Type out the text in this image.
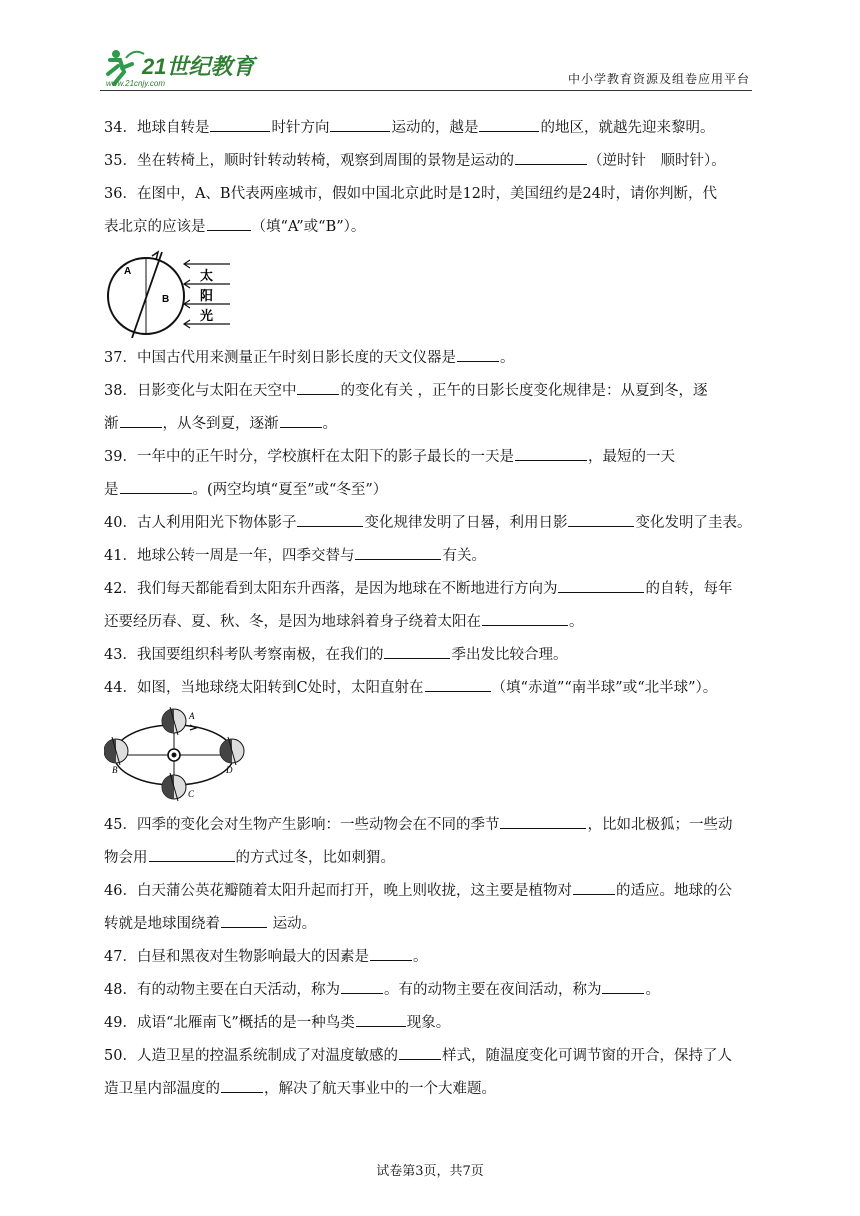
21世纪教育
www.21cnjy.com	中小学教育资源及组卷应用平台

34．地球自转是	时针方向	运动的，越是	的地区，就越先迎来黎明。

35．坐在转椅上，顺时针转动转椅，观察到周围的景物是运动的	（逆时针　顺时针）。

36．在图中，A、B代表两座城市，假如中国北京此时是12时，美国纽约是24时，请你判断，代
表北京的应该是	（填“A”或“B”）。

A
B
太
阳
光

37．中国古代用来测量正午时刻日影长度的天文仪器是	。

38．日影变化与太阳在天空中	的变化有关 ，正午的日影长度变化规律是：从夏到冬，逐
渐	，从冬到夏，逐渐	。

39．一年中的正午时分，学校旗杆在太阳下的影子最长的一天是	，最短的一天
是	。(两空均填“夏至”或“冬至”）

40．古人利用阳光下物体影子	变化规律发明了日晷，利用日影	变化发明了圭表。

41．地球公转一周是一年，四季交替与	有关。

42．我们每天都能看到太阳东升西落，是因为地球在不断地进行方向为	的自转，每年
还要经历春、夏、秋、冬，是因为地球斜着身子绕着太阳在	。

43．我国要组织科考队考察南极，在我们的	季出发比较合理。

44．如图，当地球绕太阳转到C处时，太阳直射在	（填“赤道”“南半球”或“北半球”）。

A
B
C
D

45．四季的变化会对生物产生影响：一些动物会在不同的季节	，比如北极狐；一些动
物会用	的方式过冬，比如刺猬。

46．白天蒲公英花瓣随着太阳升起而打开，晚上则收拢，这主要是植物对	的适应。地球的公
转就是地球围绕着	运动。

47．白昼和黑夜对生物影响最大的因素是	。

48．有的动物主要在白天活动，称为	。有的动物主要在夜间活动，称为	。

49．成语“北雁南飞”概括的是一种鸟类	现象。

50．人造卫星的控温系统制成了对温度敏感的	样式，随温度变化可调节窗的开合，保持了人
造卫星内部温度的	，解决了航天事业中的一个大难题。

试卷第3页，共7页
